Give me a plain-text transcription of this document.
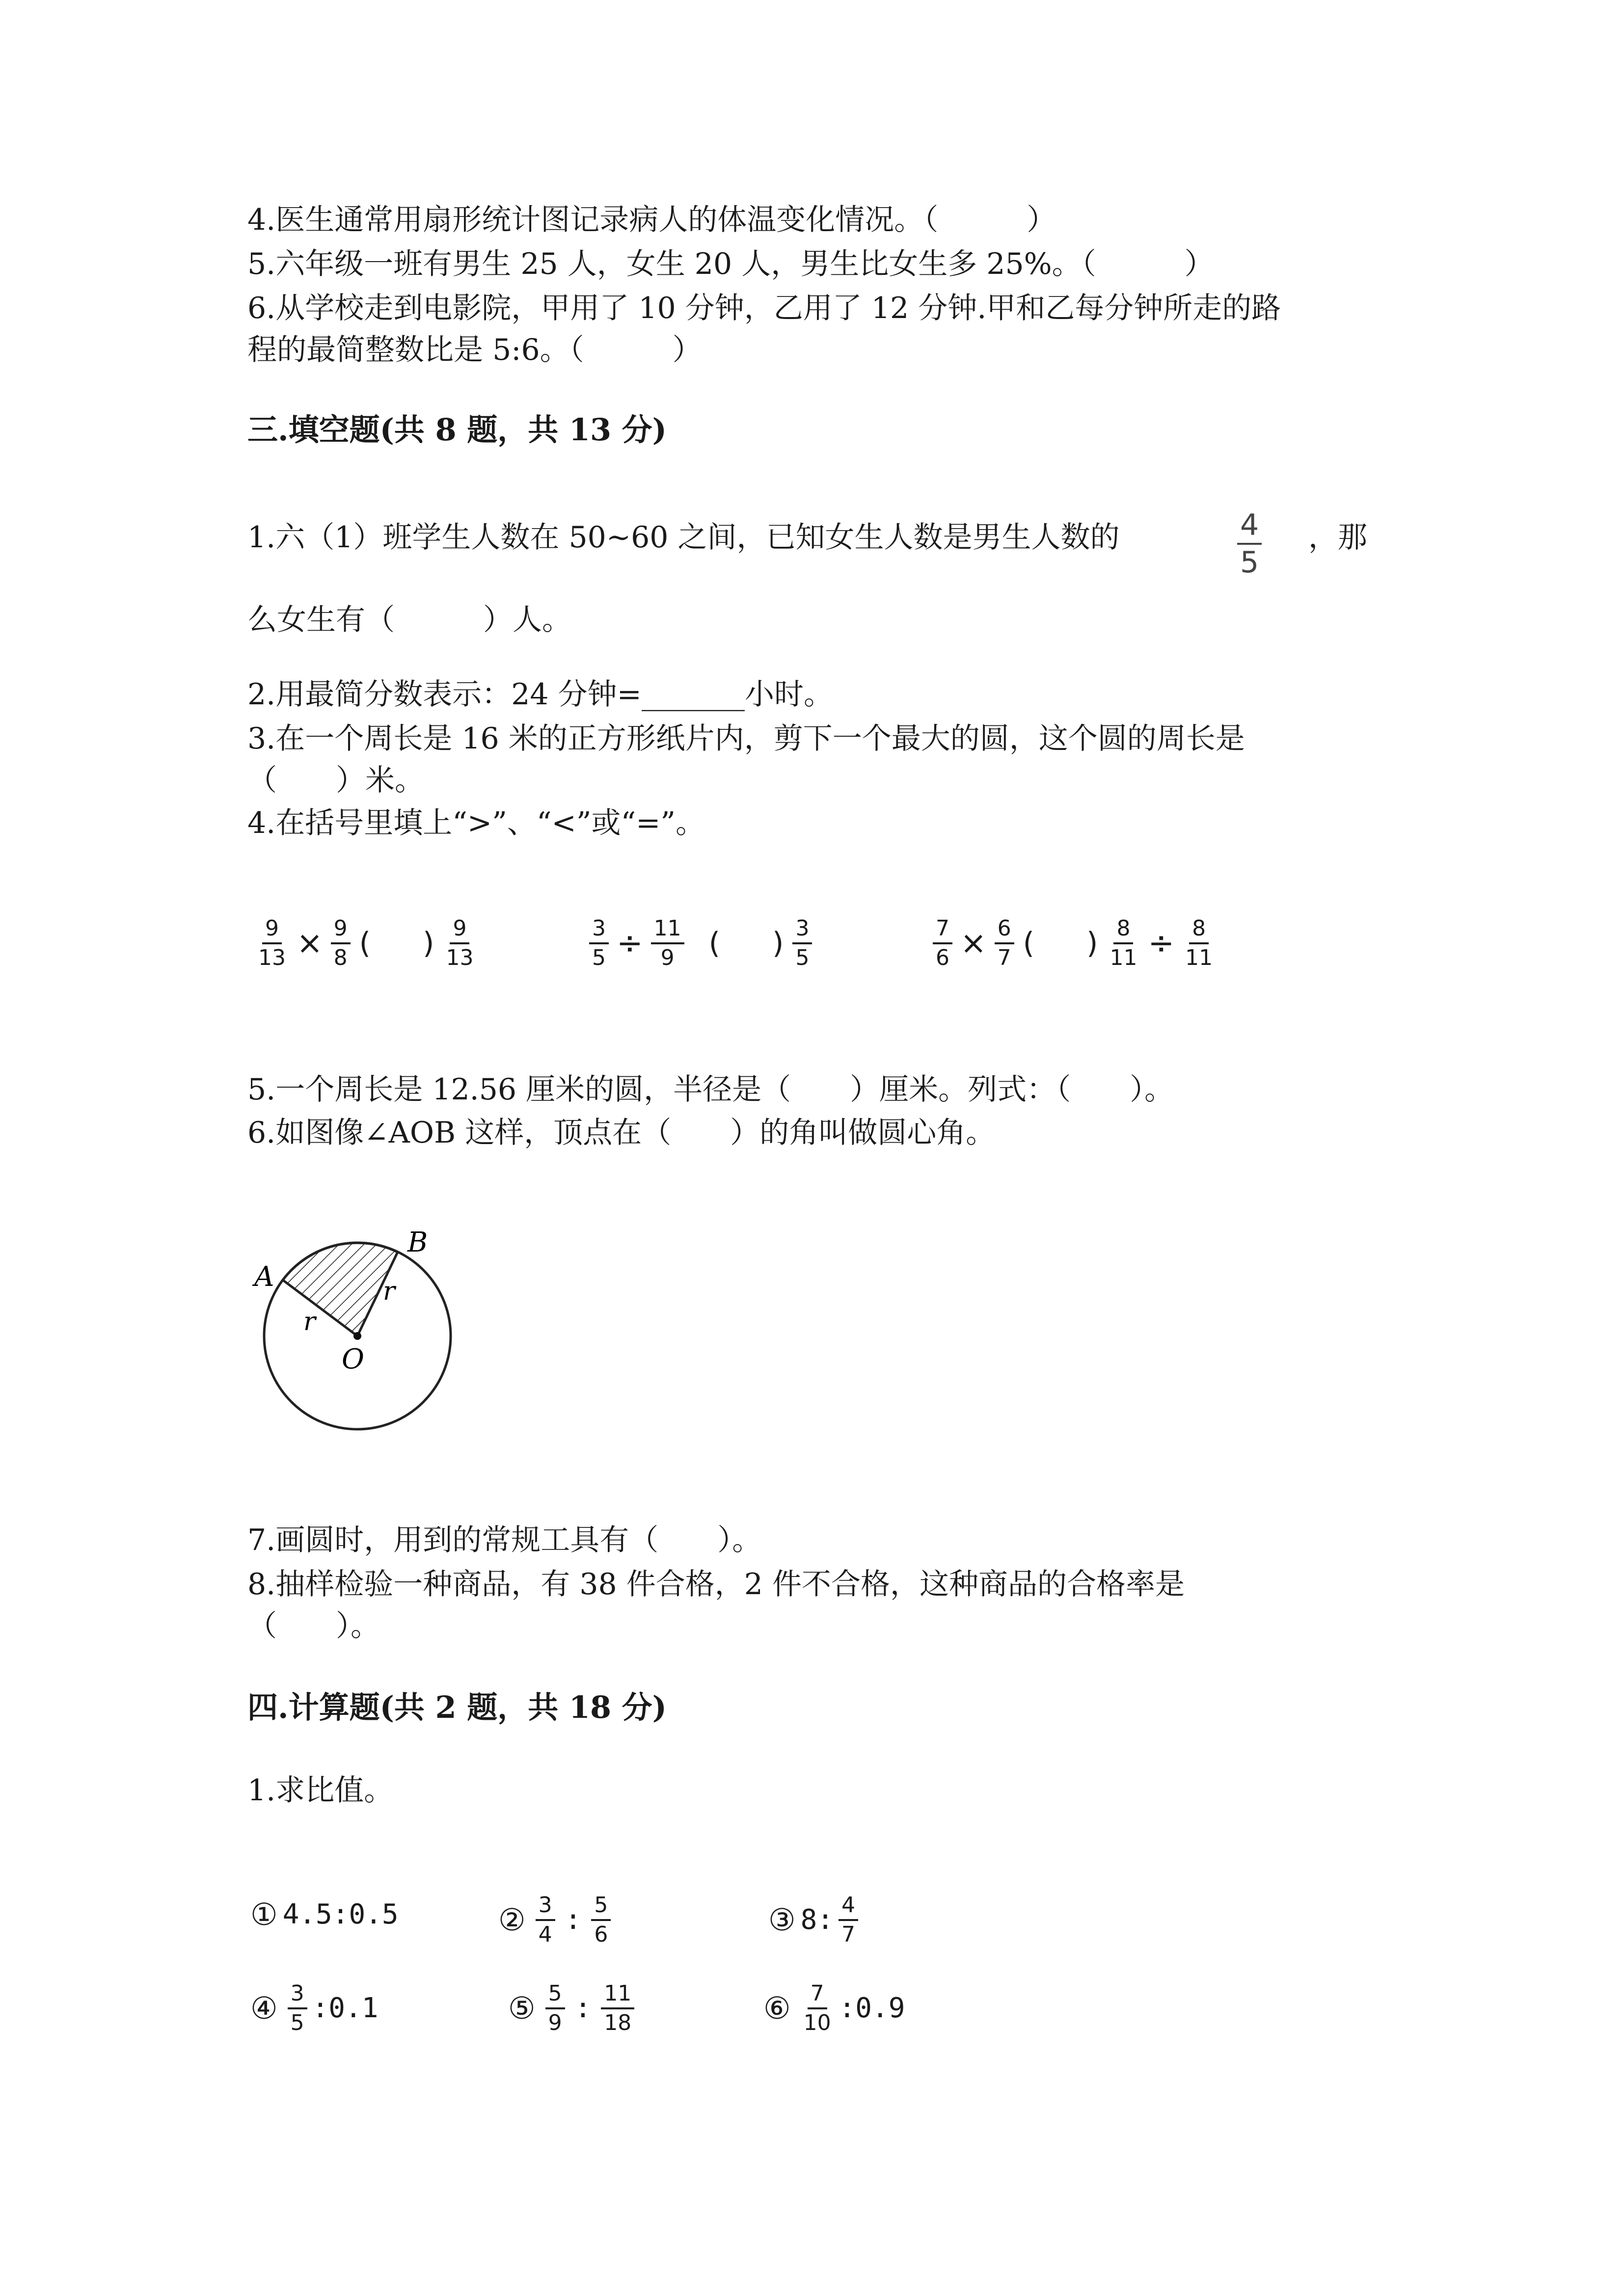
4.医生通常用扇形统计图记录病人的体温变化情况。（　　　）
5.六年级一班有男生 25 人，女生 20 人，男生比女生多 25%。（　　　）
6.从学校走到电影院，甲用了 10 分钟，乙用了 12 分钟.甲和乙每分钟所走的路
程的最简整数比是 5:6。（　　　）
三.填空题(共 8 题，共 13 分)
1.六（1）班学生人数在 50~60 之间，已知女生人数是男生人数的	$\frac{4}{5}$ ，那
么女生有（　　　）人。
2.用最简分数表示：24 分钟=_______小时。
3.在一个周长是 16 米的正方形纸片内，剪下一个最大的圆，这个圆的周长是
（　　）米。
4.在括号里填上“>”、“<”或“=”。
$\frac{9}{13} \times \frac{9}{8}$ ( ) $\frac{9}{13}$	$\frac{3}{5} \div \frac{11}{9}$ ( ) $\frac{3}{5}$	$\frac{7}{6} \times \frac{6}{7}$ ( ) $\frac{8}{11} \div \frac{8}{11}$
5.一个周长是 12.56 厘米的圆，半径是（　　）厘米。列式：（　　）。
6.如图像∠AOB 这样，顶点在（　　）的角叫做圆心角。
A
B
O
r
r
7.画圆时，用到的常规工具有（　　）。
8.抽样检验一种商品，有 38 件合格，2 件不合格，这种商品的合格率是
（　　）。
四.计算题(共 2 题，共 18 分)
1.求比值。
① 4.5:0.5	② $\frac{3}{4}$ : $\frac{5}{6}$	③ 8: $\frac{4}{7}$
④ $\frac{3}{5}$ :0.1	⑤ $\frac{5}{9}$ : $\frac{11}{18}$	⑥ $\frac{7}{10}$ :0.9
